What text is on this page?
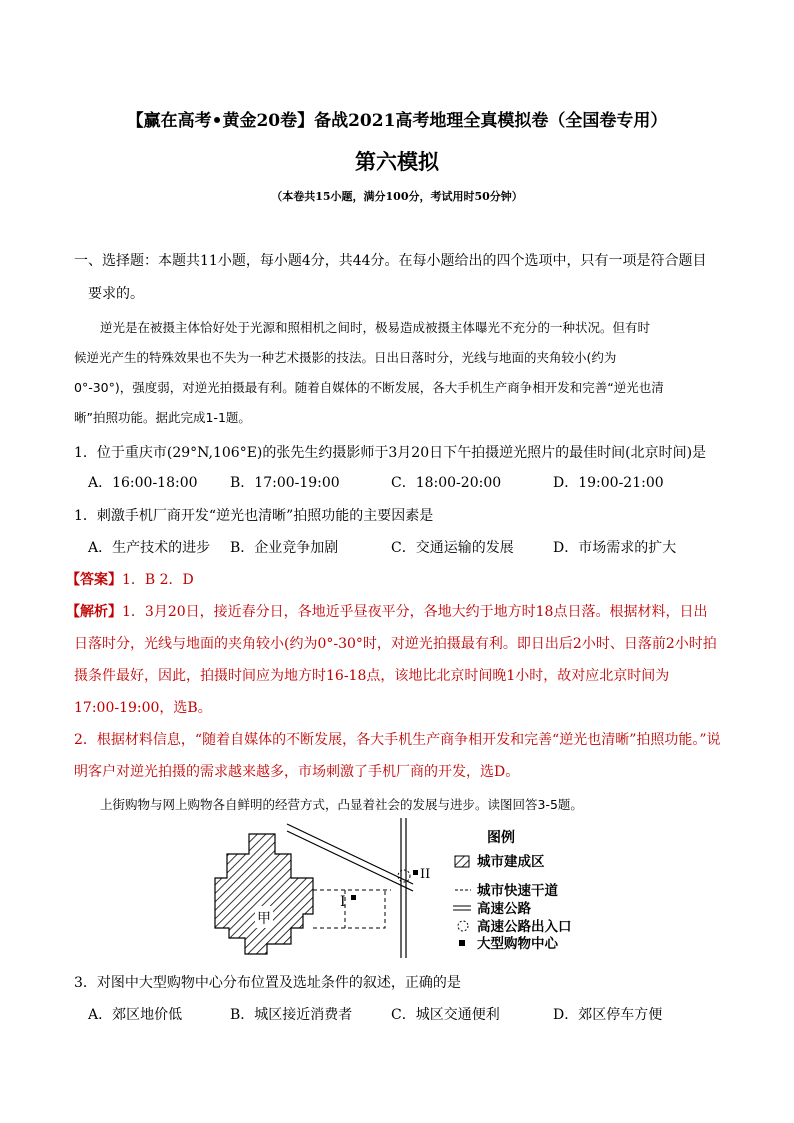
【赢在高考•黄金20卷】备战2021高考地理全真模拟卷（全国卷专用）
第六模拟
（本卷共15小题，满分100分，考试用时50分钟）
一、选择题：本题共11小题，每小题4分，共44分。在每小题给出的四个选项中，只有一项是符合题目
要求的。
逆光是在被摄主体恰好处于光源和照相机之间时，极易造成被摄主体曝光不充分的一种状况。但有时
候逆光产生的特殊效果也不失为一种艺术摄影的技法。日出日落时分，光线与地面的夹角较小(约为
0°-30°)，强度弱，对逆光拍摄最有利。随着自媒体的不断发展，各大手机生产商争相开发和完善“逆光也清
晰”拍照功能。据此完成1-1题。
1．位于重庆市(29°N,106°E)的张先生约摄影师于3月20日下午拍摄逆光照片的最佳时间(北京时间)是
A．16:00-18:00 B．17:00-19:00	C．18:00-20:00	D．19:00-21:00
1．刺激手机厂商开发“逆光也清晰”拍照功能的主要因素是
A．生产技术的进步 B．企业竞争加剧	C．交通运输的发展	D．市场需求的扩大
【答案】1．B 2．D
【解析】1．3月20日，接近春分日，各地近乎昼夜平分，各地大约于地方时18点日落。根据材料，日出
日落时分，光线与地面的夹角较小(约为0°-30°时，对逆光拍摄最有利。即日出后2小时、日落前2小时拍
摄条件最好，因此，拍摄时间应为地方时16-18点，该地比北京时间晚1小时，故对应北京时间为
17:00-19:00，选B。
2．根据材料信息，“随着自媒体的不断发展，各大手机生产商争相开发和完善“逆光也清晰”拍照功能。”说
明客户对逆光拍摄的需求越来越多，市场刺激了手机厂商的开发，选D。
上街购物与网上购物各自鲜明的经营方式，凸显着社会的发展与进步。读图回答3-5题。
甲
I
II
图例
城市建成区
城市快速干道
高速公路
高速公路出入口
大型购物中心
3．对图中大型购物中心分布位置及选址条件的叙述，正确的是
A．郊区地价低	B．城区接近消费者	C．城区交通便利	D．郊区停车方便
